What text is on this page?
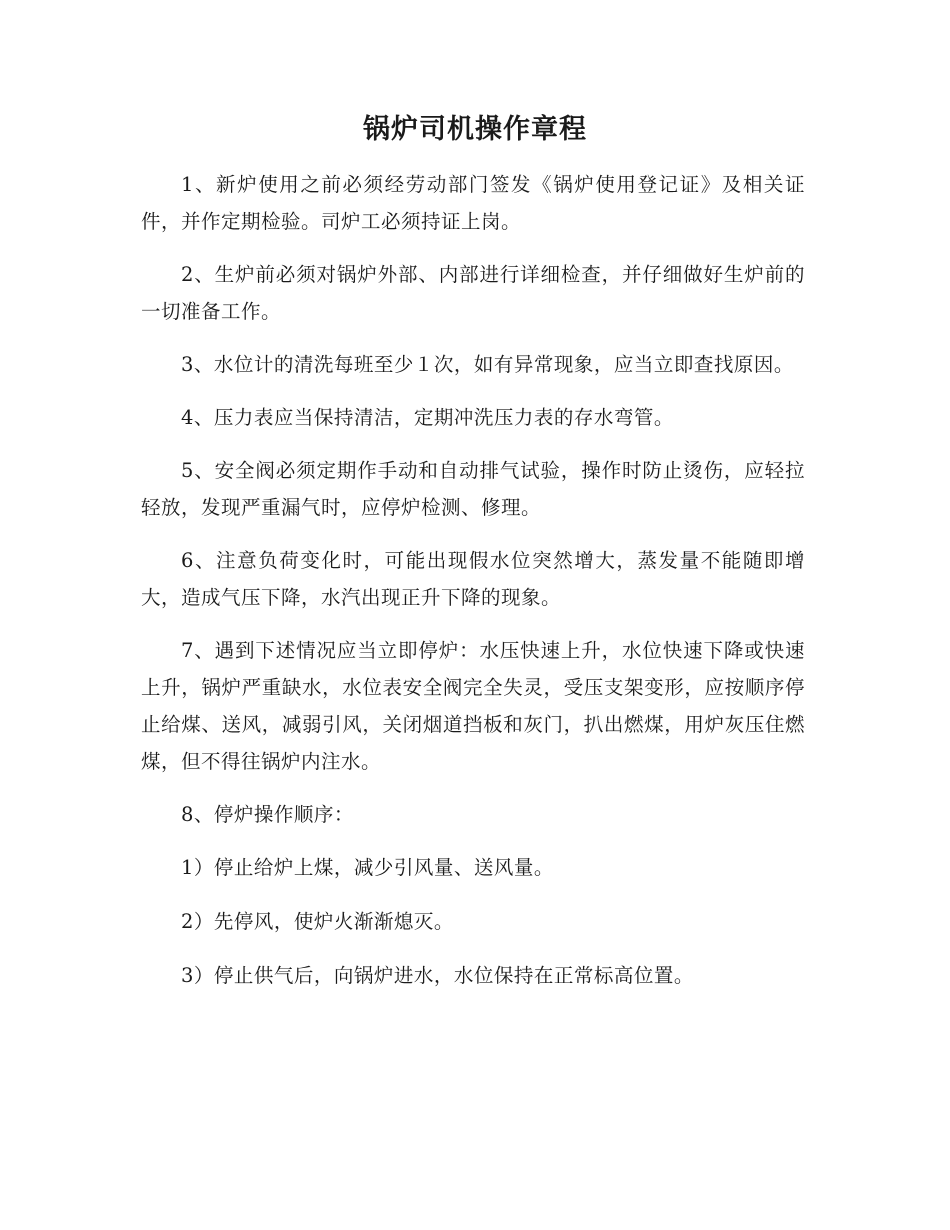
锅炉司机操作章程

1、新炉使用之前必须经劳动部门签发《锅炉使用登记证》及相关证件，并作定期检验。司炉工必须持证上岗。

2、生炉前必须对锅炉外部、内部进行详细检查，并仔细做好生炉前的一切准备工作。

3、水位计的清洗每班至少１次，如有异常现象，应当立即查找原因。

4、压力表应当保持清洁，定期冲洗压力表的存水弯管。

5、安全阀必须定期作手动和自动排气试验，操作时防止烫伤，应轻拉轻放，发现严重漏气时，应停炉检测、修理。

6、注意负荷变化时，可能出现假水位突然增大，蒸发量不能随即增大，造成气压下降，水汽出现正升下降的现象。

7、遇到下述情况应当立即停炉：水压快速上升，水位快速下降或快速上升，锅炉严重缺水，水位表安全阀完全失灵，受压支架变形，应按顺序停止给煤、送风，减弱引风，关闭烟道挡板和灰门，扒出燃煤，用炉灰压住燃煤，但不得往锅炉内注水。

8、停炉操作顺序：

1）停止给炉上煤，减少引风量、送风量。

2）先停风，使炉火渐渐熄灭。

3）停止供气后，向锅炉进水，水位保持在正常标高位置。
